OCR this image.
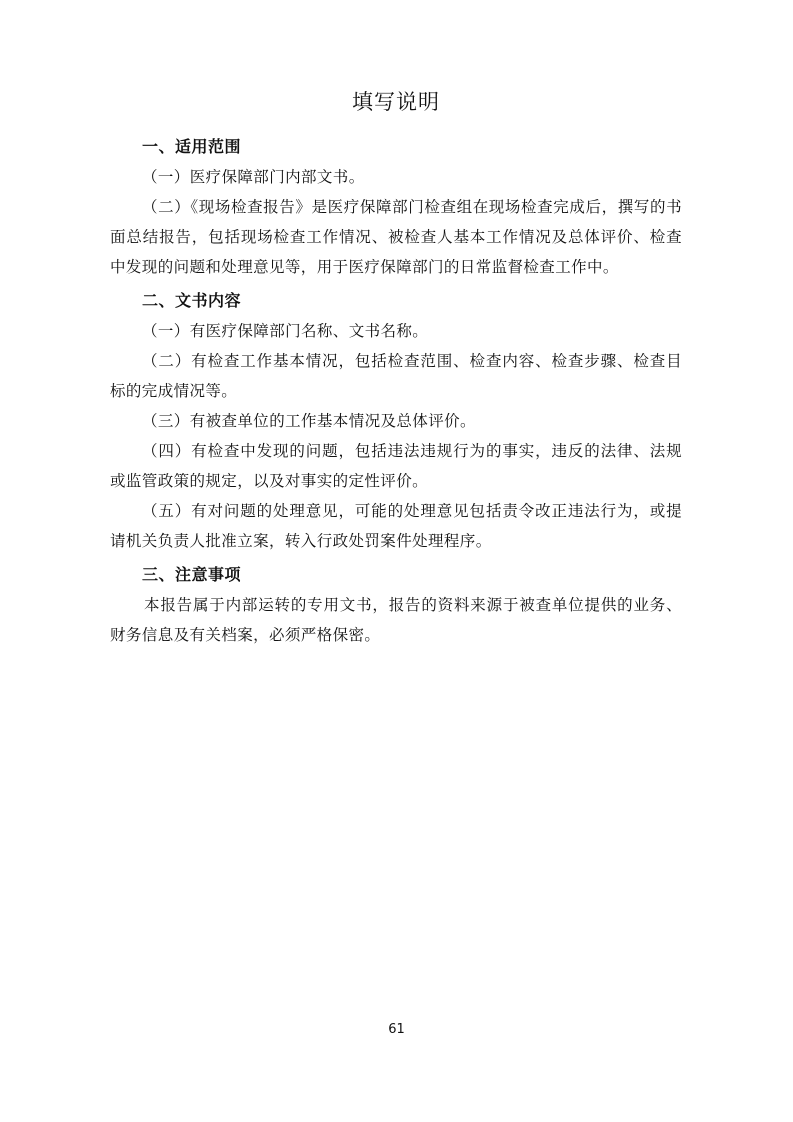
填写说明
一、适用范围
（一）医疗保障部门内部文书。
（二）《现场检查报告》是医疗保障部门检查组在现场检查完成后，撰写的书面总结报告，包括现场检查工作情况、被检查人基本工作情况及总体评价、检查中发现的问题和处理意见等，用于医疗保障部门的日常监督检查工作中。
二、文书内容
（一）有医疗保障部门名称、文书名称。
（二）有检查工作基本情况，包括检查范围、检查内容、检查步骤、检查目标的完成情况等。
（三）有被查单位的工作基本情况及总体评价。
（四）有检查中发现的问题，包括违法违规行为的事实，违反的法律、法规或监管政策的规定，以及对事实的定性评价。
（五）有对问题的处理意见，可能的处理意见包括责令改正违法行为，或提请机关负责人批准立案，转入行政处罚案件处理程序。
三、注意事项
本报告属于内部运转的专用文书，报告的资料来源于被查单位提供的业务、财务信息及有关档案，必须严格保密。
61
